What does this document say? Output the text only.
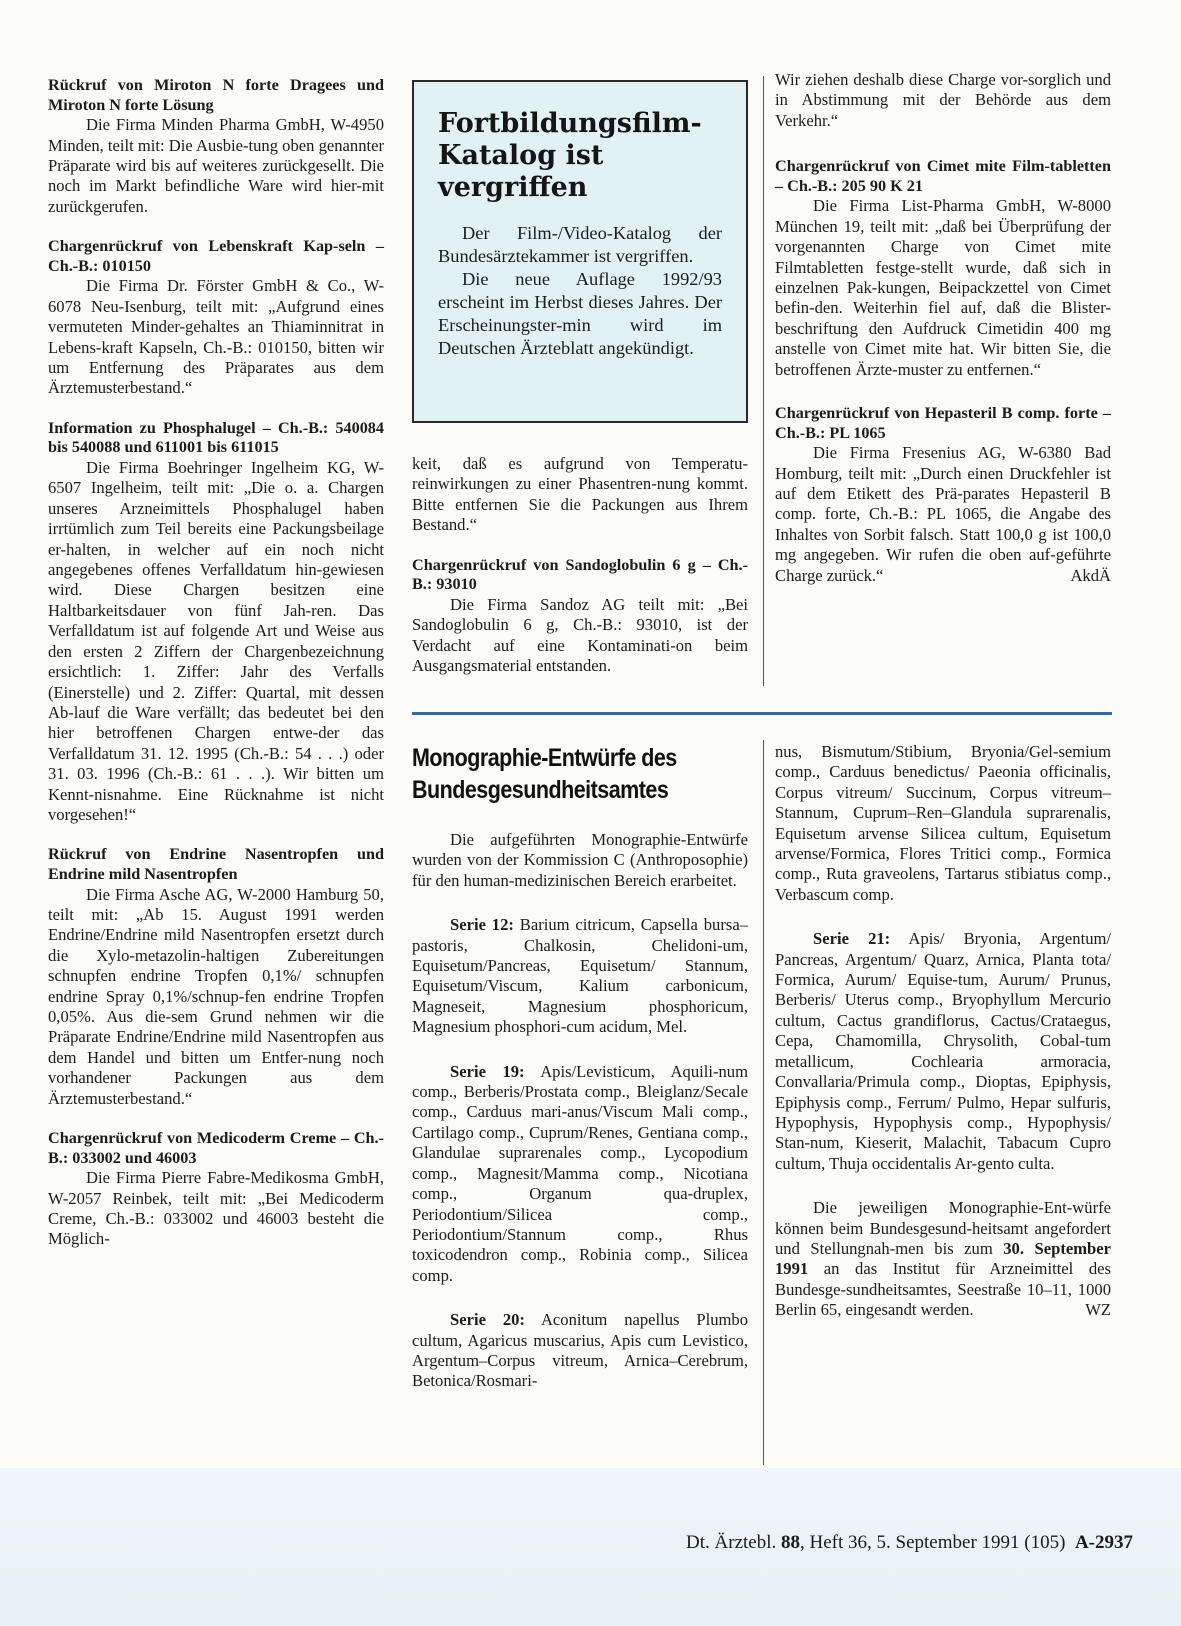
Rückruf von Miroton N forte Dragees und Miroton N forte Lösung

Die Firma Minden Pharma GmbH, W-4950 Minden, teilt mit: Die Ausbie-tung oben genannter Präparate wird bis auf weiteres zurückgesellt. Die noch im Markt befindliche Ware wird hier-mit zurückgerufen.

Chargenrückruf von Lebenskraft Kap-seln – Ch.-B.: 010150

Die Firma Dr. Förster GmbH & Co., W-6078 Neu-Isenburg, teilt mit: „Aufgrund eines vermuteten Minder-gehaltes an Thiaminnitrat in Lebens-kraft Kapseln, Ch.-B.: 010150, bitten wir um Entfernung des Präparates aus dem Ärztemusterbestand.“

Information zu Phosphalugel – Ch.-B.: 540084 bis 540088 und 611001 bis 611015

Die Firma Boehringer Ingelheim KG, W-6507 Ingelheim, teilt mit: „Die o. a. Chargen unseres Arzneimittels Phosphalugel haben irrtümlich zum Teil bereits eine Packungsbeilage er-halten, in welcher auf ein noch nicht angegebenes offenes Verfalldatum hin-gewiesen wird. Diese Chargen besitzen eine Haltbarkeitsdauer von fünf Jah-ren. Das Verfalldatum ist auf folgende Art und Weise aus den ersten 2 Ziffern der Chargenbezeichnung ersichtlich: 1. Ziffer: Jahr des Verfalls (Einerstelle) und 2. Ziffer: Quartal, mit dessen Ab-lauf die Ware verfällt; das bedeutet bei den hier betroffenen Chargen entwe-der das Verfalldatum 31. 12. 1995 (Ch.-B.: 54 . . .) oder 31. 03. 1996 (Ch.-B.: 61 . . .). Wir bitten um Kennt-nisnahme. Eine Rücknahme ist nicht vorgesehen!“

Rückruf von Endrine Nasentropfen und Endrine mild Nasentropfen

Die Firma Asche AG, W-2000 Hamburg 50, teilt mit: „Ab 15. August 1991 werden Endrine/Endrine mild Nasentropfen ersetzt durch die Xylo-metazolin-haltigen Zubereitungen schnupfen endrine Tropfen 0,1%/ schnupfen endrine Spray 0,1%/schnup-fen endrine Tropfen 0,05%. Aus die-sem Grund nehmen wir die Präparate Endrine/Endrine mild Nasentropfen aus dem Handel und bitten um Entfer-nung noch vorhandener Packungen aus dem Ärztemusterbestand.“

Chargenrückruf von Medicoderm Creme – Ch.-B.: 033002 und 46003

Die Firma Pierre Fabre-Medikosma GmbH, W-2057 Reinbek, teilt mit: „Bei Medicoderm Creme, Ch.-B.: 033002 und 46003 besteht die Möglich-

Fortbildungsfilm-Katalog ist vergriffen

Der Film-/Video-Katalog der Bundesärztekammer ist vergriffen.

Die neue Auflage 1992/93 erscheint im Herbst dieses Jahres. Der Erscheinungster-min wird im Deutschen Ärzteblatt angekündigt.

keit, daß es aufgrund von Temperatu-reinwirkungen zu einer Phasentren-nung kommt. Bitte entfernen Sie die Packungen aus Ihrem Bestand.“

Chargenrückruf von Sandoglobulin 6 g – Ch.-B.: 93010

Die Firma Sandoz AG teilt mit: „Bei Sandoglobulin 6 g, Ch.-B.: 93010, ist der Verdacht auf eine Kontaminati-on beim Ausgangsmaterial entstanden.

Wir ziehen deshalb diese Charge vor-sorglich und in Abstimmung mit der Behörde aus dem Verkehr.“

Chargenrückruf von Cimet mite Film-tabletten – Ch.-B.: 205 90 K 21

Die Firma List-Pharma GmbH, W-8000 München 19, teilt mit: „daß bei Überprüfung der vorgenannten Charge von Cimet mite Filmtabletten festge-stellt wurde, daß sich in einzelnen Pak-kungen, Beipackzettel von Cimet befin-den. Weiterhin fiel auf, daß die Blister-beschriftung den Aufdruck Cimetidin 400 mg anstelle von Cimet mite hat. Wir bitten Sie, die betroffenen Ärzte-muster zu entfernen.“

Chargenrückruf von Hepasteril B comp. forte – Ch.-B.: PL 1065

Die Firma Fresenius AG, W-6380 Bad Homburg, teilt mit: „Durch einen Druckfehler ist auf dem Etikett des Prä-parates Hepasteril B comp. forte, Ch.-B.: PL 1065, die Angabe des Inhaltes von Sorbit falsch. Statt 100,0 g ist 100,0 mg angegeben. Wir rufen die oben auf-geführte Charge zurück.“	AkdÄ

Monographie-Entwürfe des Bundesgesundheitsamtes

Die aufgeführten Monographie-Entwürfe wurden von der Kommission C (Anthroposophie) für den human-medizinischen Bereich erarbeitet.

Serie 12: Barium citricum, Capsella bursa–pastoris, Chalkosin, Chelidoni-um, Equisetum/Pancreas, Equisetum/ Stannum, Equisetum/Viscum, Kalium carbonicum, Magneseit, Magnesium phosphoricum, Magnesium phosphori-cum acidum, Mel.

Serie 19: Apis/Levisticum, Aquili-num comp., Berberis/Prostata comp., Bleiglanz/Secale comp., Carduus mari-anus/Viscum Mali comp., Cartilago comp., Cuprum/Renes, Gentiana comp., Glandulae suprarenales comp., Lycopodium comp., Magnesit/Mamma comp., Nicotiana comp., Organum qua-druplex, Periodontium/Silicea comp., Periodontium/Stannum comp., Rhus toxicodendron comp., Robinia comp., Silicea comp.

Serie 20: Aconitum napellus Plumbo cultum, Agaricus muscarius, Apis cum Levistico, Argentum–Corpus vitreum, Arnica–Cerebrum, Betonica/Rosmari-

nus, Bismutum/Stibium, Bryonia/Gel-semium comp., Carduus benedictus/ Paeonia officinalis, Corpus vitreum/ Succinum, Corpus vitreum– Stannum, Cuprum–Ren–Glandula suprarenalis, Equisetum arvense Silicea cultum, Equisetum arvense/Formica, Flores Tritici comp., Formica comp., Ruta graveolens, Tartarus stibiatus comp., Verbascum comp.

Serie 21: Apis/ Bryonia, Argentum/ Pancreas, Argentum/ Quarz, Arnica, Planta tota/ Formica, Aurum/ Equise-tum, Aurum/ Prunus, Berberis/ Uterus comp., Bryophyllum Mercurio cultum, Cactus grandiflorus, Cactus/Crataegus, Cepa, Chamomilla, Chrysolith, Cobal-tum metallicum, Cochlearia armoracia, Convallaria/Primula comp., Dioptas, Epiphysis, Epiphysis comp., Ferrum/ Pulmo, Hepar sulfuris, Hypophysis, Hypophysis comp., Hypophysis/ Stan-num, Kieserit, Malachit, Tabacum Cupro cultum, Thuja occidentalis Ar-gento culta.

Die jeweiligen Monographie-Ent-würfe können beim Bundesgesund-heitsamt angefordert und Stellungnah-men bis zum 30. September 1991 an das Institut für Arzneimittel des Bundesge-sundheitsamtes, Seestraße 10–11, 1000 Berlin 65, eingesandt werden.	WZ

Dt. Ärztebl. 88, Heft 36, 5. September 1991 (105) A-2937
